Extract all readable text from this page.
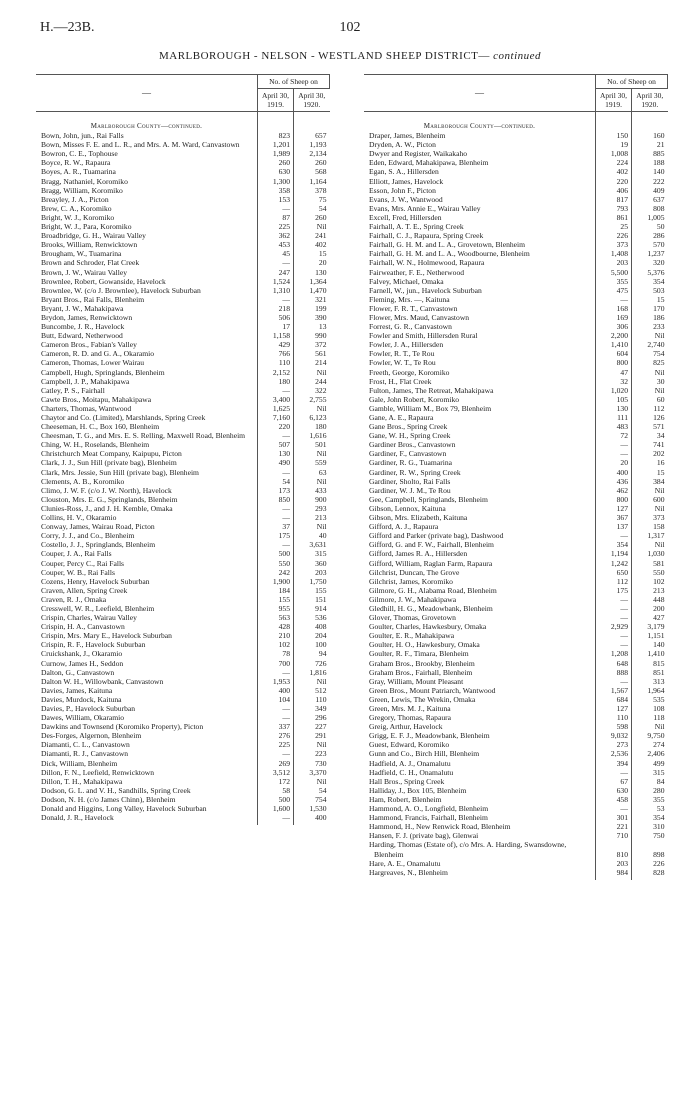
H.—23B.	102
MARLBOROUGH - NELSON - WESTLAND SHEEP DISTRICT— continued
—	No. of Sheep on	
	April 30, 1919.	April 30, 1920.
Marlborough County—continued.		
Bown, John, jun., Rai Falls	823	657
Bown, Misses F. E. and L. R., and Mrs. A. M. Ward, Canvastown	1,201	1,193
Bowron, C. E., Tophouse	1,989	2,134
Boyce, R. W., Rapaura	260	260
Boyes, A. R., Tuamarina	630	568
Bragg, Nathaniel, Koromiko	1,300	1,164
Bragg, William, Koromiko	358	378
Breayley, J. A., Picton	153	75
Brew, C. A., Koromiko	—	54
Bright, W. J., Koromiko	87	260
Bright, W. J., Para, Koromiko	225	Nil
Broadbridge, G. H., Wairau Valley	362	241
Brooks, William, Renwicktown	453	402
Brougham, W., Tuamarina	45	15
Brown and Schroder, Flat Creek	—	20
Brown, J. W., Wairau Valley	247	130
Brownlee, Robert, Gowanside, Havelock	1,524	1,364
Brownlee, W. (c/o J. Brownlee), Havelock Suburban	1,310	1,470
Bryant Bros., Rai Falls, Blenheim	—	321
Bryant, J. W., Mahakipawa	218	199
Brydon, James, Renwicktown	506	390
Buncombe, J. R., Havelock	17	13
Butt, Edward, Netherwood	1,158	990
Cameron Bros., Fabian's Valley	429	372
Cameron, R. D. and G. A., Okaramio	766	561
Cameron, Thomas, Lower Wairau	110	214
Campbell, Hugh, Springlands, Blenheim	2,152	Nil
Campbell, J. P., Mahakipawa	180	244
Catley, P. S., Fairhall	—	322
Cawte Bros., Moitapu, Mahakipawa	3,400	2,755
Charters, Thomas, Wantwood	1,625	Nil
Chaytor and Co. (Limited), Marshlands, Spring Creek	7,160	6,123
Cheeseman, H. C., Box 160, Blenheim	220	180
Cheesman, T. G., and Mrs. E. S. Relling, Maxwell Road, Blenheim	—	1,616
Ching, W. H., Roselands, Blenheim	507	501
Christchurch Meat Company, Kaipupu, Picton	130	Nil
Clark, J. J., Sun Hill (private bag), Blenheim	490	559
Clark, Mrs. Jessie, Sun Hill (private bag), Blenheim	—	63
Clements, A. B., Koromiko	54	Nil
Climo, J. W. F. (c/o J. W. North), Havelock	173	433
Clouston, Mrs. E. G., Springlands, Blenheim	850	900
Clunies-Ross, J., and J. H. Kemble, Omaka	—	293
Collins, H. V., Okaramio	—	213
Conway, James, Wairau Road, Picton	37	Nil
Corry, J. J., and Co., Blenheim	175	40
Costello, J. J., Springlands, Blenheim	—	3,631
Couper, J. A., Rai Falls	500	315
Couper, Percy C., Rai Falls	550	360
Couper, W. B., Rai Falls	242	203
Cozens, Henry, Havelock Suburban	1,900	1,750
Craven, Allen, Spring Creek	184	155
Craven, R. J., Omaka	155	151
Cresswell, W. R., Leefield, Blenheim	955	914
Crispin, Charles, Wairau Valley	563	536
Crispin, H. A., Canvastown	428	408
Crispin, Mrs. Mary E., Havelock Suburban	210	204
Crispin, R. F., Havelock Suburban	102	100
Cruickshank, J., Okaramio	78	94
Curnow, James H., Seddon	700	726
Dalton, G., Canvastown	—	1,816
Dalton W. H., Willowbank, Canvastown	1,953	Nil
Davies, James, Kaituna	400	512
Davies, Murdock, Kaituna	104	110
Davies, P., Havelock Suburban	—	349
Dawes, William, Okaramio	—	296
Dawkins and Townsend (Koromiko Property), Picton	337	227
Des-Forges, Algernon, Blenheim	276	291
Diamanti, C. L., Canvastown	225	Nil
Diamanti, R. J., Canvastown	—	223
Dick, William, Blenheim	269	730
Dillon, F. N., Leefield, Renwicktown	3,512	3,370
Dillon, T. H., Mahakipawa	172	Nil
Dodson, G. L. and V. H., Sandhills, Spring Creek	58	54
Dodson, N. H. (c/o James Chinn), Blenheim	500	754
Donald and Higgins, Long Valley, Havelock Suburban	1,600	1,530
Donald, J. R., Havelock	—	400
—	No. of Sheep on	
	April 30, 1919.	April 30, 1920.
Marlborough County—continued.		
Draper, James, Blenheim	150	160
Dryden, A. W., Picton	19	21
Dwyer and Register, Waikakaho	1,008	885
Eden, Edward, Mahakipawa, Blenheim	224	188
Egan, S. A., Hillersden	402	140
Elliott, James, Havelock	220	222
Esson, John F., Picton	406	409
Evans, J. W., Wantwood	817	637
Evans, Mrs. Annie E., Wairau Valley	793	808
Excell, Fred, Hillersden	861	1,005
Fairhall, A. T. E., Spring Creek	25	50
Fairhall, C. J., Rapaura, Spring Creek	226	286
Fairhall, G. H. M. and L. A., Grovetown, Blenheim	373	570
Fairhall, G. H. M. and L. A., Woodbourne, Blenheim	1,408	1,237
Fairhall, W. N., Holmewood, Rapaura	203	320
Fairweather, F. E., Netherwood	5,500	5,376
Falvey, Michael, Omaka	355	354
Farnell, W., jun., Havelock Suburban	475	503
Fleming, Mrs. —, Kaituna	—	15
Flower, F. R. T., Canvastown	168	170
Flower, Mrs. Maud, Canvastown	169	186
Forrest, G. R., Canvastown	306	233
Fowler and Smith, Hillersden Rural	2,200	Nil
Fowler, J. A., Hillersden	1,410	2,740
Fowler, R. T., Te Rou	604	754
Fowler, W. T., Te Rou	800	825
Freeth, George, Koromiko	47	Nil
Frost, H., Flat Creek	32	30
Fulton, James, The Retreat, Mahakipawa	1,020	Nil
Gale, John Robert, Koromiko	105	60
Gamble, William M., Box 79, Blenheim	130	112
Gane, A. E., Rapaura	111	126
Gane Bros., Spring Creek	483	571
Gane, W. H., Spring Creek	72	34
Gardiner Bros., Canvastown	—	741
Gardiner, F., Canvastown	—	202
Gardiner, R. G., Tuamarina	20	16
Gardiner, R. W., Spring Creek	400	15
Gardiner, Sholto, Rai Falls	436	384
Gardiner, W. J. M., Te Rou	462	Nil
Gee, Campbell, Springlands, Blenheim	800	600
Gibson, Lennox, Kaituna	127	Nil
Gibson, Mrs. Elizabeth, Kaituna	367	373
Gifford, A. J., Rapaura	137	158
Gifford and Parker (private bag), Dashwood	—	1,317
Gifford, G. and F. W., Fairhall, Blenheim	354	Nil
Gifford, James R. A., Hillersden	1,194	1,030
Gifford, William, Raglan Farm, Rapaura	1,242	581
Gilchrist, Duncan, The Grove	650	550
Gilchrist, James, Koromiko	112	102
Gilmore, G. H., Alabama Road, Blenheim	175	213
Gilmore, J. W., Mahakipawa	—	448
Gledhill, H. G., Meadowbank, Blenheim	—	200
Glover, Thomas, Grovetown	—	427
Goulter, Charles, Hawkesbury, Omaka	2,929	3,179
Goulter, E. R., Mahakipawa	—	1,151
Goulter, H. O., Hawkesbury, Omaka	—	140
Goulter, R. F., Timara, Blenheim	1,208	1,410
Graham Bros., Brookby, Blenheim	648	815
Graham Bros., Fairhall, Blenheim	888	851
Gray, William, Mount Pleasant	—	313
Green Bros., Mount Patriarch, Wantwood	1,567	1,964
Green, Lewis, The Wrekin, Omaka	684	535
Green, Mrs. M. J., Kaituna	127	108
Gregory, Thomas, Rapaura	110	118
Greig, Arthur, Havelock	598	Nil
Grigg, E. F. J., Meadowbank, Blenheim	9,032	9,750
Guest, Edward, Koromiko	273	274
Gunn and Co., Birch Hill, Blenheim	2,536	2,406
Hadfield, A. J., Onamalutu	394	499
Hadfield, C. H., Onamalutu	—	315
Hall Bros., Spring Creek	67	84
Halliday, J., Box 105, Blenheim	630	280
Ham, Robert, Blenheim	458	355
Hammond, A. O., Longfield, Blenheim	—	53
Hammond, Francis, Fairhall, Blenheim	301	354
Hammond, H., New Renwick Road, Blenheim	221	310
Hansen, F. J. (private bag), Glenwai	710	750
Harding, Thomas (Estate of), c/o Mrs. A. Harding, Swansdowne, Blenheim	810	898
Hare, A. E., Onamalutu	203	226
Hargreaves, N., Blenheim	984	828
